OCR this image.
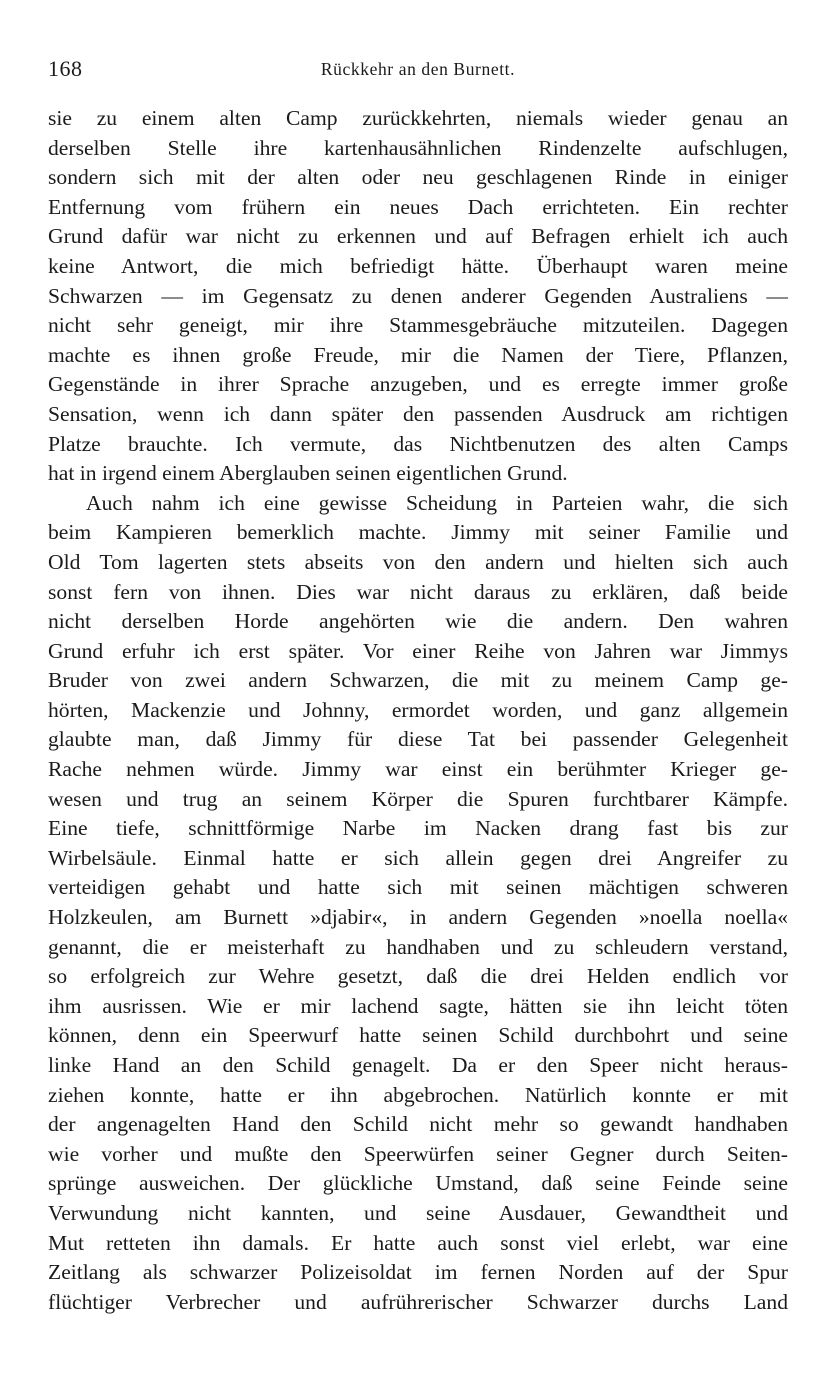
168	Rückkehr an den Burnett.
sie zu einem alten Camp zurückkehrten, niemals wieder genau an
derselben Stelle ihre kartenhausähnlichen Rindenzelte aufschlugen,
sondern sich mit der alten oder neu geschlagenen Rinde in einiger
Entfernung vom frühern ein neues Dach errichteten. Ein rechter
Grund dafür war nicht zu erkennen und auf Befragen erhielt ich auch
keine Antwort, die mich befriedigt hätte. Überhaupt waren meine
Schwarzen — im Gegensatz zu denen anderer Gegenden Australiens —
nicht sehr geneigt, mir ihre Stammesgebräuche mitzuteilen. Dagegen
machte es ihnen große Freude, mir die Namen der Tiere, Pflanzen,
Gegenstände in ihrer Sprache anzugeben, und es erregte immer große
Sensation, wenn ich dann später den passenden Ausdruck am richtigen
Platze brauchte. Ich vermute, das Nichtbenutzen des alten Camps
hat in irgend einem Aberglauben seinen eigentlichen Grund.
Auch nahm ich eine gewisse Scheidung in Parteien wahr, die sich
beim Kampieren bemerklich machte. Jimmy mit seiner Familie und
Old Tom lagerten stets abseits von den andern und hielten sich auch
sonst fern von ihnen. Dies war nicht daraus zu erklären, daß beide
nicht derselben Horde angehörten wie die andern. Den wahren
Grund erfuhr ich erst später. Vor einer Reihe von Jahren war Jimmys
Bruder von zwei andern Schwarzen, die mit zu meinem Camp ge-
hörten, Mackenzie und Johnny, ermordet worden, und ganz allgemein
glaubte man, daß Jimmy für diese Tat bei passender Gelegenheit
Rache nehmen würde. Jimmy war einst ein berühmter Krieger ge-
wesen und trug an seinem Körper die Spuren furchtbarer Kämpfe.
Eine tiefe, schnittförmige Narbe im Nacken drang fast bis zur
Wirbelsäule. Einmal hatte er sich allein gegen drei Angreifer zu
verteidigen gehabt und hatte sich mit seinen mächtigen schweren
Holzkeulen, am Burnett »djabir«, in andern Gegenden »noella noella«
genannt, die er meisterhaft zu handhaben und zu schleudern verstand,
so erfolgreich zur Wehre gesetzt, daß die drei Helden endlich vor
ihm ausrissen. Wie er mir lachend sagte, hätten sie ihn leicht töten
können, denn ein Speerwurf hatte seinen Schild durchbohrt und seine
linke Hand an den Schild genagelt. Da er den Speer nicht heraus-
ziehen konnte, hatte er ihn abgebrochen. Natürlich konnte er mit
der angenagelten Hand den Schild nicht mehr so gewandt handhaben
wie vorher und mußte den Speerwürfen seiner Gegner durch Seiten-
sprünge ausweichen. Der glückliche Umstand, daß seine Feinde seine
Verwundung nicht kannten, und seine Ausdauer, Gewandtheit und
Mut retteten ihn damals. Er hatte auch sonst viel erlebt, war eine
Zeitlang als schwarzer Polizeisoldat im fernen Norden auf der Spur
flüchtiger Verbrecher und aufrührerischer Schwarzer durchs Land
